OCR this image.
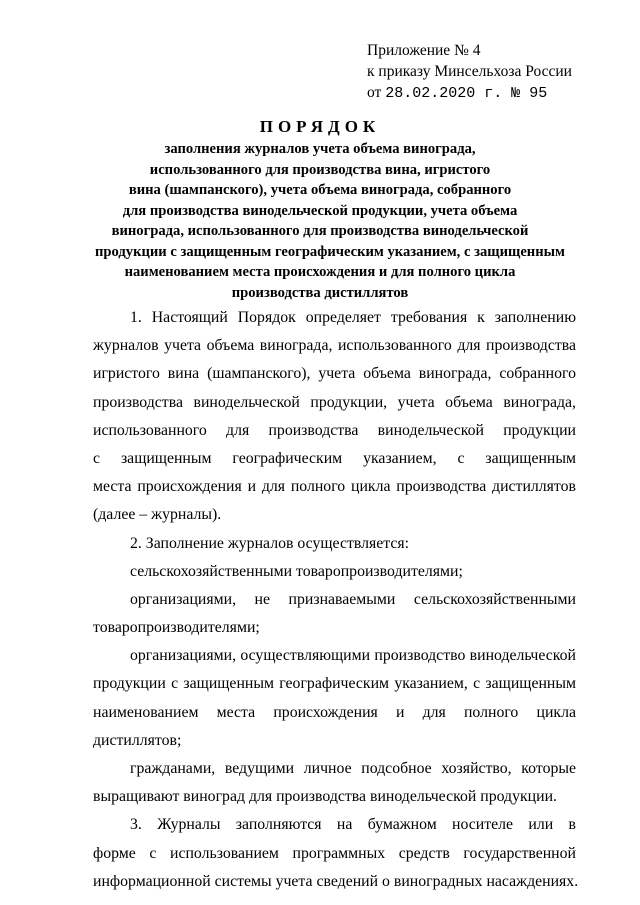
Приложение № 4
к приказу Минсельхоза России
от 28.02.2020 г. № 95
ПОРЯДОК
заполнения журналов учета объема винограда,
использованного для производства вина, игристого
вина (шампанского), учета объема винограда, собранного
для производства винодельческой продукции, учета объема
винограда, использованного для производства винодельческой
продукции с защищенным географическим указанием, с защищенным
наименованием места происхождения и для полного цикла
производства дистиллятов
1. Настоящий Порядок определяет требования к заполнению
журналов учета объема винограда, использованного для производства
игристого вина (шампанского), учета объема винограда, собранного
производства винодельческой продукции, учета объема винограда,
использованного для производства винодельческой продукции
с защищенным географическим указанием, с защищенным
места происхождения и для полного цикла производства дистиллятов
(далее – журналы).
2. Заполнение журналов осуществляется:
сельскохозяйственными товаропроизводителями;
организациями, не признаваемыми сельскохозяйственными
товаропроизводителями;
организациями, осуществляющими производство винодельческой
продукции с защищенным географическим указанием, с защищенным
наименованием места происхождения и для полного цикла
дистиллятов;
гражданами, ведущими личное подсобное хозяйство, которые
выращивают виноград для производства винодельческой продукции.
3. Журналы заполняются на бумажном носителе или в
форме с использованием программных средств государственной
информационной системы учета сведений о виноградных насаждениях.
